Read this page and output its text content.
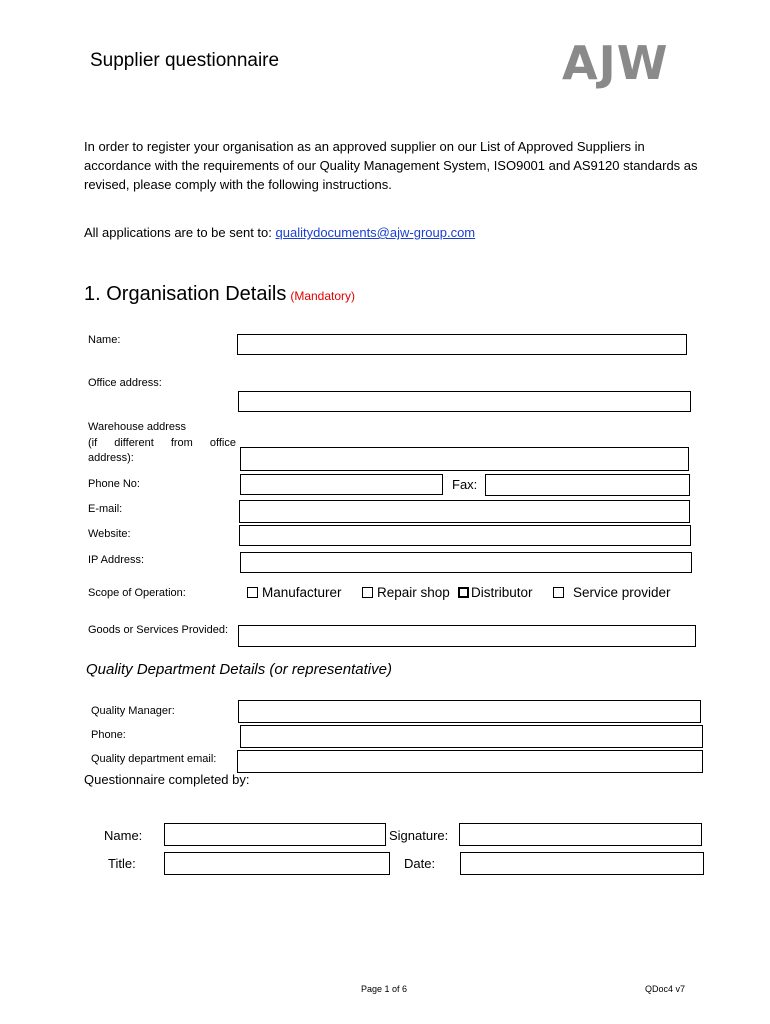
Supplier questionnaire	AJW
In order to register your organisation as an approved supplier on our List of Approved Suppliers in accordance with the requirements of our Quality Management System, ISO9001 and AS9120 standards as revised, please comply with the following instructions.
All applications are to be sent to: qualitydocuments@ajw-group.com
1. Organisation Details (Mandatory)
Name:
Office address:
Warehouse address
(if different from office
address):
Phone No:	Fax:
E-mail:
Website:
IP Address:
Scope of Operation:	Manufacturer	Repair shop	Distributor	Service provider
Goods or Services Provided:
Quality Department Details (or representative)
Quality Manager:
Phone:
Quality department email:
Questionnaire completed by:
Name:	Signature:
Title:	Date:
Page 1 of 6	QDoc4 v7
